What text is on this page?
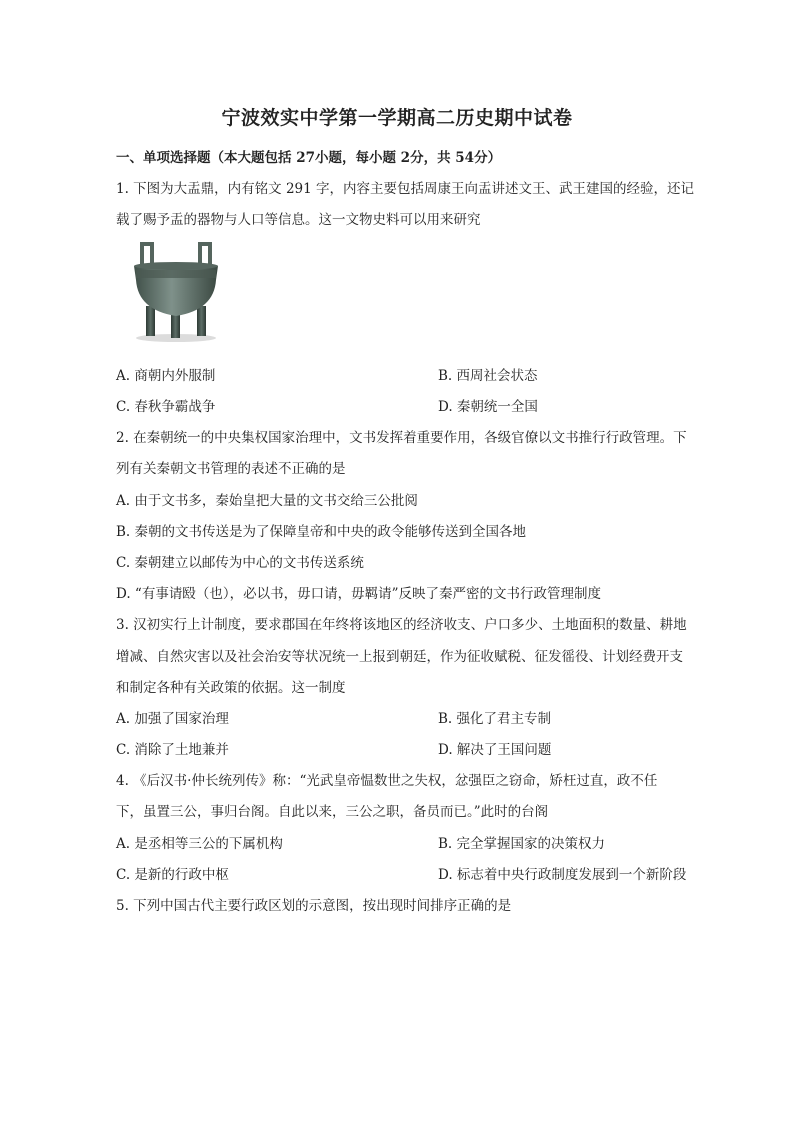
宁波效实中学第一学期高二历史期中试卷
一、单项选择题（本大题包括 27小题，每小题 2分，共 54分）
1. 下图为大盂鼎，内有铭文 291 字，内容主要包括周康王向盂讲述文王、武王建国的经验，还记
载了赐予盂的器物与人口等信息。这一文物史料可以用来研究
A. 商朝内外服制	B. 西周社会状态
C. 春秋争霸战争	D. 秦朝统一全国
2. 在秦朝统一的中央集权国家治理中，文书发挥着重要作用，各级官僚以文书推行行政管理。下
列有关秦朝文书管理的表述不正确的是
A. 由于文书多，秦始皇把大量的文书交给三公批阅
B. 秦朝的文书传送是为了保障皇帝和中央的政令能够传送到全国各地
C. 秦朝建立以邮传为中心的文书传送系统
D. “有事请殹（也），必以书，毋口请，毋羁请”反映了秦严密的文书行政管理制度
3. 汉初实行上计制度，要求郡国在年终将该地区的经济收支、户口多少、土地面积的数量、耕地
增减、自然灾害以及社会治安等状况统一上报到朝廷，作为征收赋税、征发徭役、计划经费开支
和制定各种有关政策的依据。这一制度
A. 加强了国家治理	B. 强化了君主专制
C. 消除了土地兼并	D. 解决了王国问题
4. 《后汉书·仲长统列传》称：“光武皇帝愠数世之失权，忿强臣之窃命，矫枉过直，政不任
下，虽置三公，事归台阁。自此以来，三公之职，备员而已。”此时的台阁
A. 是丞相等三公的下属机构	B. 完全掌握国家的决策权力
C. 是新的行政中枢	D. 标志着中央行政制度发展到一个新阶段
5. 下列中国古代主要行政区划的示意图，按出现时间排序正确的是
